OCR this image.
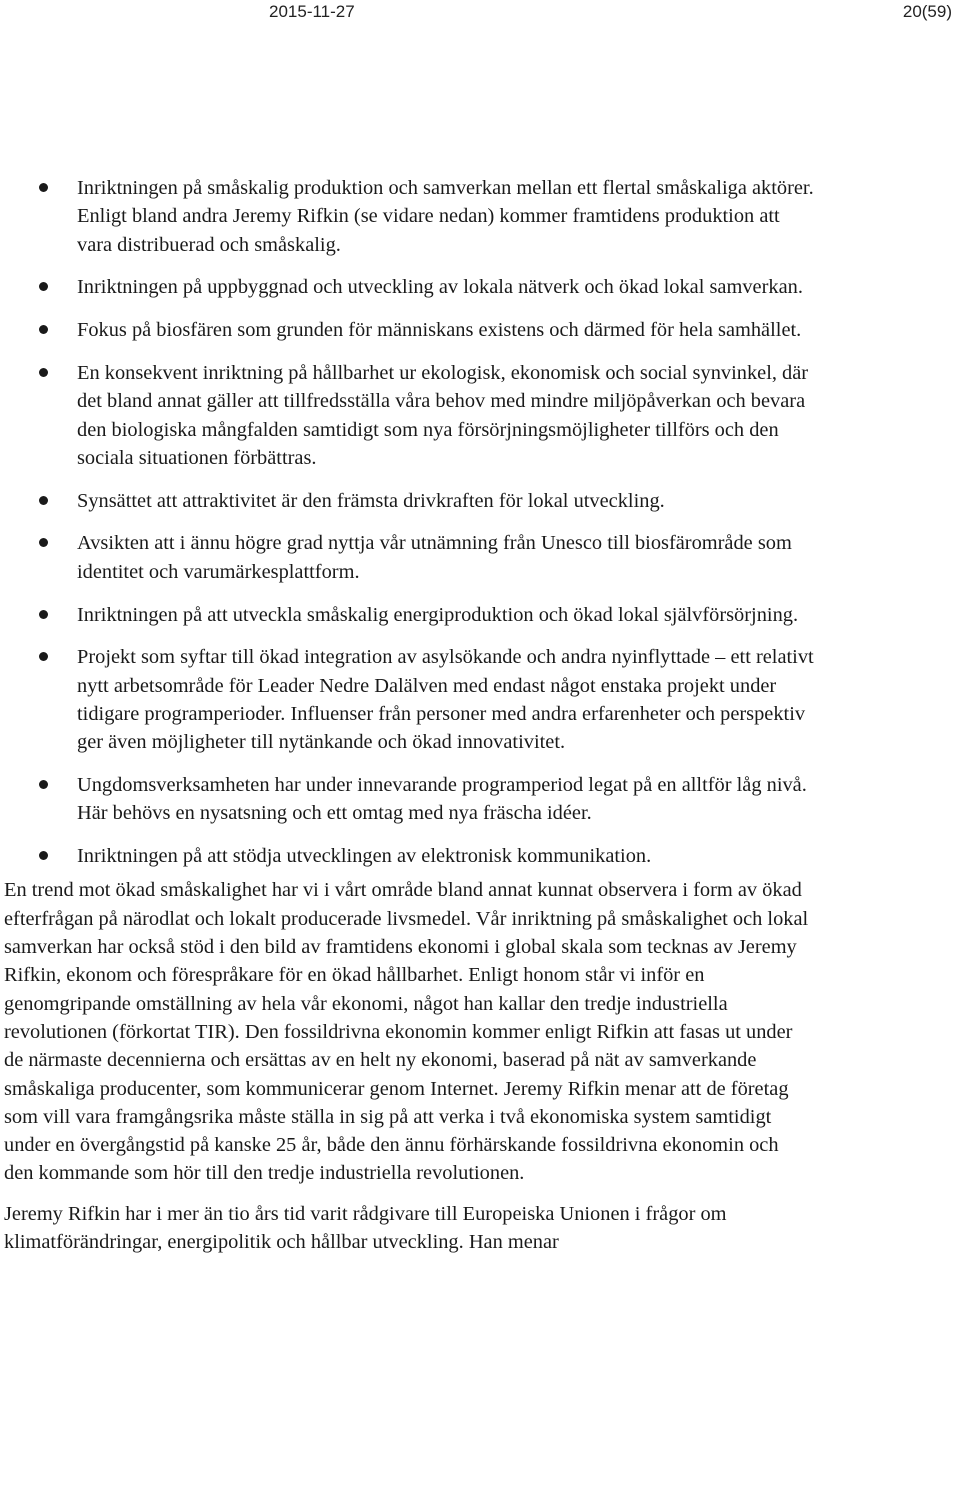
2015-11-27	20(59)
Inriktningen på småskalig produktion och samverkan mellan ett flertal småskaliga aktörer. Enligt bland andra Jeremy Rifkin (se vidare nedan) kommer framtidens produktion att vara distribuerad och småskalig.
Inriktningen på uppbyggnad och utveckling av lokala nätverk och ökad lokal samverkan.
Fokus på biosfären som grunden för människans existens och därmed för hela samhället.
En konsekvent inriktning på hållbarhet ur ekologisk, ekonomisk och social synvinkel, där det bland annat gäller att tillfredsställa våra behov med mindre miljöpåverkan och bevara den biologiska mångfalden samtidigt som nya försörjningsmöjligheter tillförs och den sociala situationen förbättras.
Synsättet att attraktivitet är den främsta drivkraften för lokal utveckling.
Avsikten att i ännu högre grad nyttja vår utnämning från Unesco till biosfärområde som identitet och varumärkesplattform.
Inriktningen på att utveckla småskalig energiproduktion och ökad lokal självförsörjning.
Projekt som syftar till ökad integration av asylsökande och andra nyinflyttade – ett relativt nytt arbetsområde för Leader Nedre Dalälven med endast något enstaka projekt under tidigare programperioder. Influenser från personer med andra erfarenheter och perspektiv ger även möjligheter till nytänkande och ökad innovativitet.
Ungdomsverksamheten har under innevarande programperiod legat på en alltför låg nivå. Här behövs en nysatsning och ett omtag med nya fräscha idéer.
Inriktningen på att stödja utvecklingen av elektronisk kommunikation.

En trend mot ökad småskalighet har vi i vårt område bland annat kunnat observera i form av ökad efterfrågan på närodlat och lokalt producerade livsmedel. Vår inriktning på småskalighet och lokal samverkan har också stöd i den bild av framtidens ekonomi i global skala som tecknas av Jeremy Rifkin, ekonom och förespråkare för en ökad hållbarhet. Enligt honom står vi inför en genomgripande omställning av hela vår ekonomi, något han kallar den tredje industriella revolutionen (förkortat TIR). Den fossildrivna ekonomin kommer enligt Rifkin att fasas ut under de närmaste decennierna och ersättas av en helt ny ekonomi, baserad på nät av samverkande småskaliga producenter, som kommunicerar genom Internet. Jeremy Rifkin menar att de företag som vill vara framgångsrika måste ställa in sig på att verka i två ekonomiska system samtidigt under en övergångstid på kanske 25 år, både den ännu förhärskande fossildrivna ekonomin och den kommande som hör till den tredje industriella revolutionen.

Jeremy Rifkin har i mer än tio års tid varit rådgivare till Europeiska Unionen i frågor om klimatförändringar, energipolitik och hållbar utveckling. Han menar
